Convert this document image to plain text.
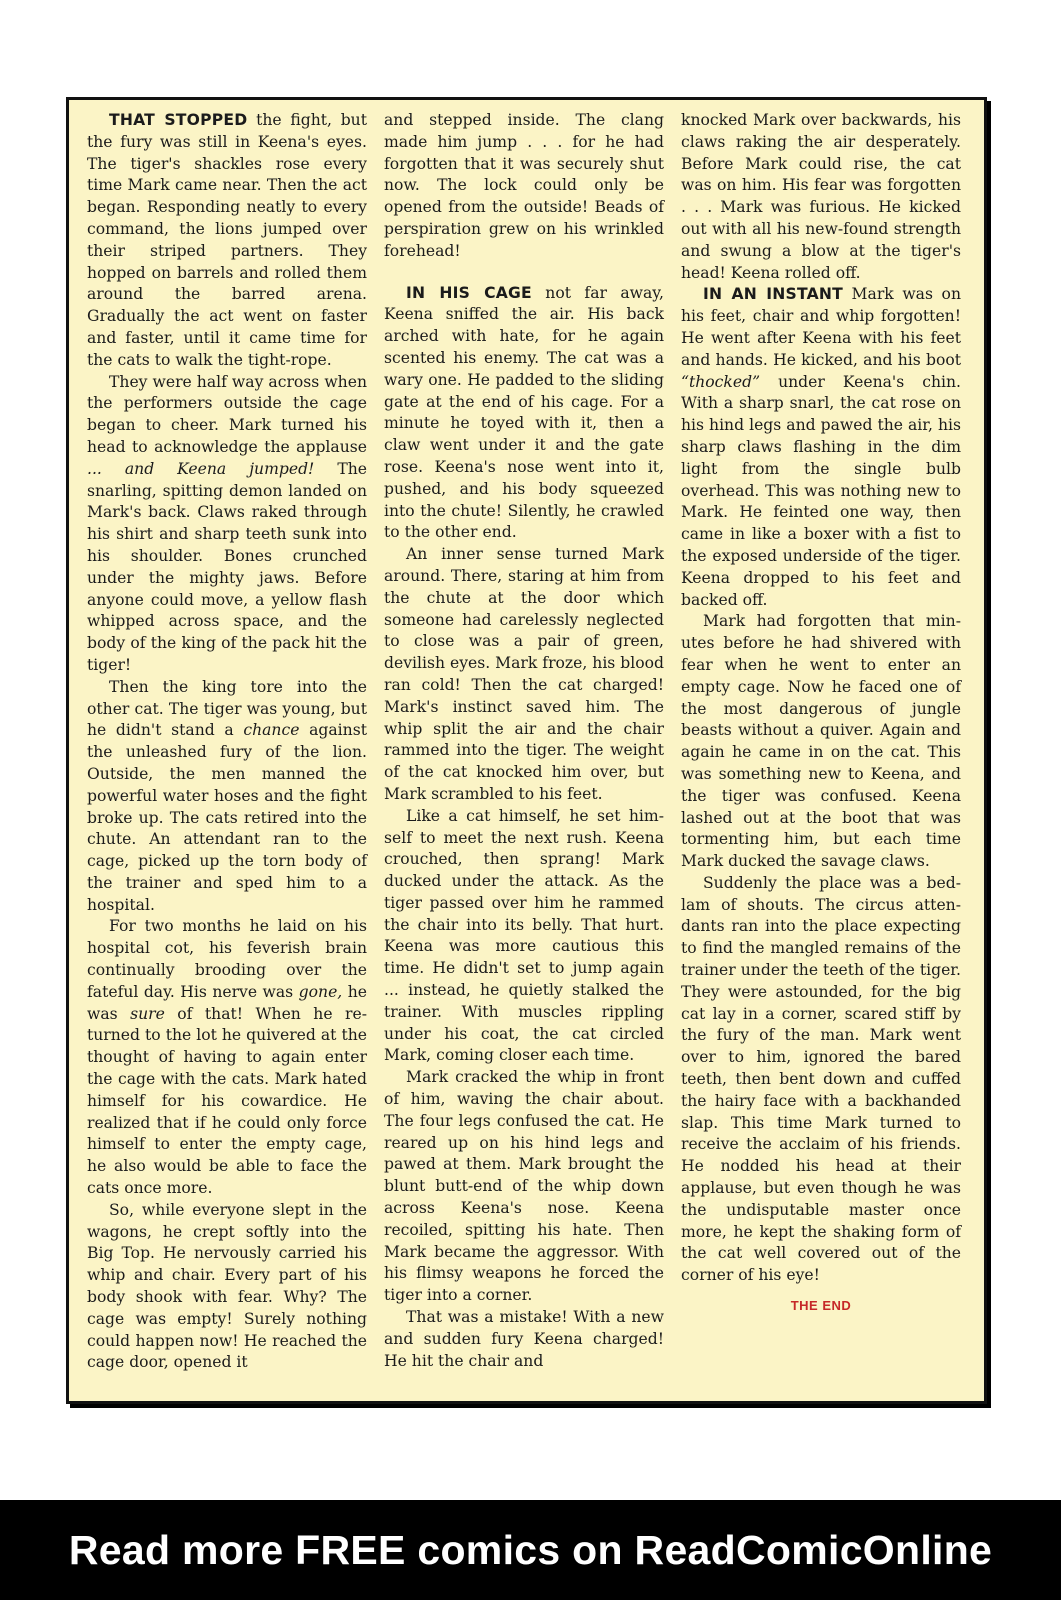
THAT STOPPED the fight, but the fury was still in Keena's eyes. The tiger's shackles rose every time Mark came near. Then the act began. Responding neatly to every command, the lions jumped over their striped partners. They hopped on barrels and rolled them around the barred arena. Gradually the act went on faster and faster, until it came time for the cats to walk the tight-rope.

They were half way across when the performers outside the cage began to cheer. Mark turned his head to acknowledge the applause ... and Keena jumped! The snarling, spitting demon landed on Mark's back. Claws raked through his shirt and sharp teeth sunk into his shoulder. Bones crunched under the mighty jaws. Before anyone could move, a yellow flash whipped across space, and the body of the king of the pack hit the tiger!

Then the king tore into the other cat. The tiger was young, but he didn't stand a chance against the unleashed fury of the lion. Outside, the men manned the powerful water hoses and the fight broke up. The cats retired into the chute. An attendant ran to the cage, picked up the torn body of the trainer and sped him to a hospital.

For two months he laid on his hospital cot, his feverish brain continually brooding over the fateful day. His nerve was gone, he was sure of that! When he returned to the lot he quivered at the thought of having to again enter the cage with the cats. Mark hated himself for his cowardice. He realized that if he could only force himself to enter the empty cage, he also would be able to face the cats once more.

So, while everyone slept in the wagons, he crept softly into the Big Top. He nervously carried his whip and chair. Every part of his body shook with fear. Why? The cage was empty! Surely nothing could happen now! He reached the cage door, opened it

and stepped inside. The clang made him jump . . . for he had forgotten that it was securely shut now. The lock could only be opened from the outside! Beads of perspiration grew on his wrinkled forehead!

IN HIS CAGE not far away, Keena sniffed the air. His back arched with hate, for he again scented his enemy. The cat was a wary one. He padded to the sliding gate at the end of his cage. For a minute he toyed with it, then a claw went under it and the gate rose. Keena's nose went into it, pushed, and his body squeezed into the chute! Silently, he crawled to the other end.

An inner sense turned Mark around. There, staring at him from the chute at the door which someone had carelessly neglected to close was a pair of green, devilish eyes. Mark froze, his blood ran cold! Then the cat charged! Mark's instinct saved him. The whip split the air and the chair rammed into the tiger. The weight of the cat knocked him over, but Mark scrambled to his feet.

Like a cat himself, he set himself to meet the next rush. Keena crouched, then sprang! Mark ducked under the attack. As the tiger passed over him he rammed the chair into its belly. That hurt. Keena was more cautious this time. He didn't set to jump again ... instead, he quietly stalked the trainer. With muscles rippling under his coat, the cat circled Mark, coming closer each time.

Mark cracked the whip in front of him, waving the chair about. The four legs confused the cat. He reared up on his hind legs and pawed at them. Mark brought the blunt butt-end of the whip down across Keena's nose. Keena recoiled, spitting his hate. Then Mark became the aggressor. With his flimsy weapons he forced the tiger into a corner.

That was a mistake! With a new and sudden fury Keena charged! He hit the chair and

knocked Mark over backwards, his claws raking the air desperately. Before Mark could rise, the cat was on him. His fear was forgotten . . . Mark was furious. He kicked out with all his new-found strength and swung a blow at the tiger's head! Keena rolled off.

IN AN INSTANT Mark was on his feet, chair and whip forgotten! He went after Keena with his feet and hands. He kicked, and his boot “thocked” under Keena's chin. With a sharp snarl, the cat rose on his hind legs and pawed the air, his sharp claws flashing in the dim light from the single bulb overhead. This was nothing new to Mark. He feinted one way, then came in like a boxer with a fist to the exposed underside of the tiger. Keena dropped to his feet and backed off.

Mark had forgotten that minutes before he had shivered with fear when he went to enter an empty cage. Now he faced one of the most dangerous of jungle beasts without a quiver. Again and again he came in on the cat. This was something new to Keena, and the tiger was confused. Keena lashed out at the boot that was tormenting him, but each time Mark ducked the savage claws.

Suddenly the place was a bedlam of shouts. The circus attendants ran into the place expecting to find the mangled remains of the trainer under the teeth of the tiger. They were astounded, for the big cat lay in a corner, scared stiff by the fury of the man. Mark went over to him, ignored the bared teeth, then bent down and cuffed the hairy face with a backhanded slap. This time Mark turned to receive the acclaim of his friends. He nodded his head at their applause, but even though he was the undisputable master once more, he kept the shaking form of the cat well covered out of the corner of his eye!

THE END
Read more FREE comics on ReadComicOnline
